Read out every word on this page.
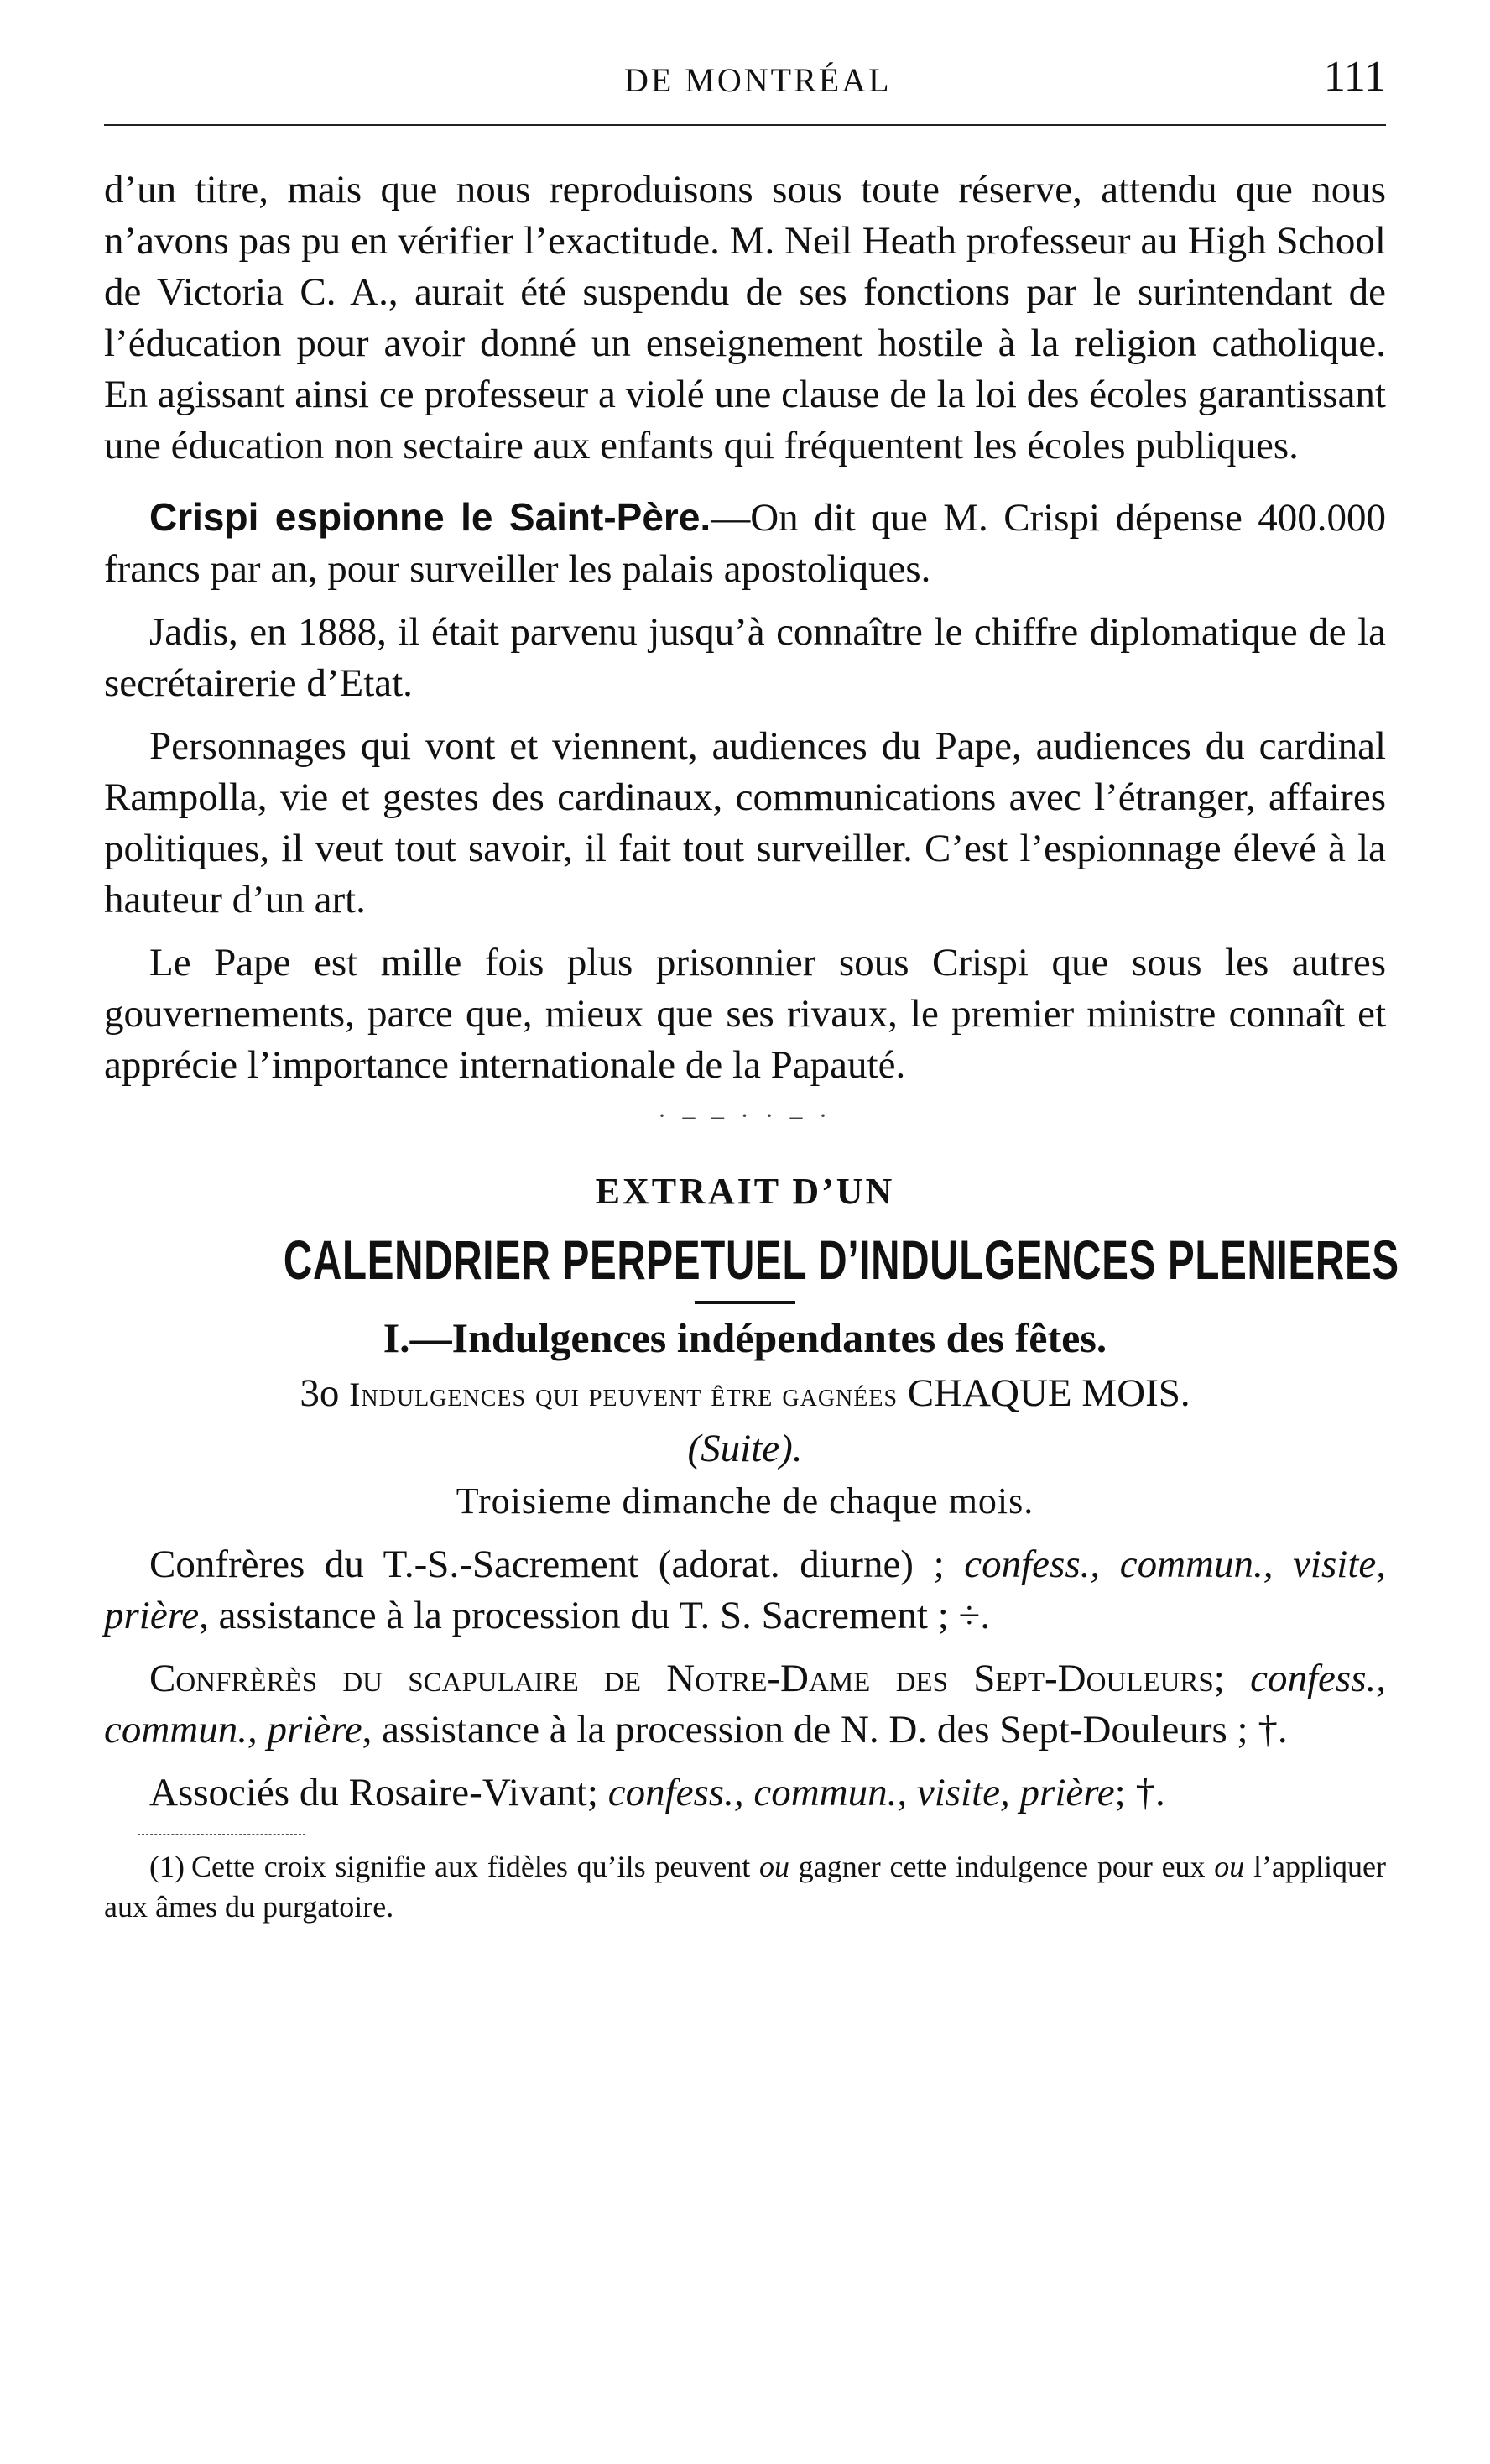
DE MONTRÉAL	111

d’un titre, mais que nous reproduisons sous toute réserve, attendu que nous n’avons pas pu en vérifier l’exactitude. M. Neil Heath professeur au High School de Victoria C. A., aurait été suspendu de ses fonctions par le surintendant de l’éducation pour avoir donné un enseignement hostile à la religion catholique. En agissant ainsi ce professeur a violé une clause de la loi des écoles garantissant une éducation non sectaire aux enfants qui fréquentent les écoles publiques.

Crispi espionne le Saint-Père.—On dit que M. Crispi dépense 400.000 francs par an, pour surveiller les palais apostoliques.

Jadis, en 1888, il était parvenu jusqu’à connaître le chiffre diplomatique de la secrétairerie d’Etat.

Personnages qui vont et viennent, audiences du Pape, audiences du cardinal Rampolla, vie et gestes des cardinaux, communications avec l’étranger, affaires politiques, il veut tout savoir, il fait tout surveiller. C’est l’espionnage élevé à la hauteur d’un art.

Le Pape est mille fois plus prisonnier sous Crispi que sous les autres gouvernements, parce que, mieux que ses rivaux, le premier ministre connaît et apprécie l’importance internationale de la Papauté.

· – – · · – ·
EXTRAIT D’UN
CALENDRIER PERPETUEL D’INDULGENCES PLENIERES
I.—Indulgences indépendantes des fêtes.
3o Indulgences qui peuvent être gagnées CHAQUE MOIS.
(Suite).
Troisieme dimanche de chaque mois.

Confrères du T.-S.-Sacrement (adorat. diurne) ; confess., commun., visite, prière, assistance à la procession du T. S. Sacrement ; ÷.

Confrèrès du scapulaire de Notre-Dame des Sept-Douleurs; confess., commun., prière, assistance à la procession de N. D. des Sept-Douleurs ; †.

Associés du Rosaire-Vivant; confess., commun., visite, prière; †.

(1) Cette croix signifie aux fidèles qu’ils peuvent ou gagner cette indulgence pour eux ou l’appliquer aux âmes du purgatoire.
